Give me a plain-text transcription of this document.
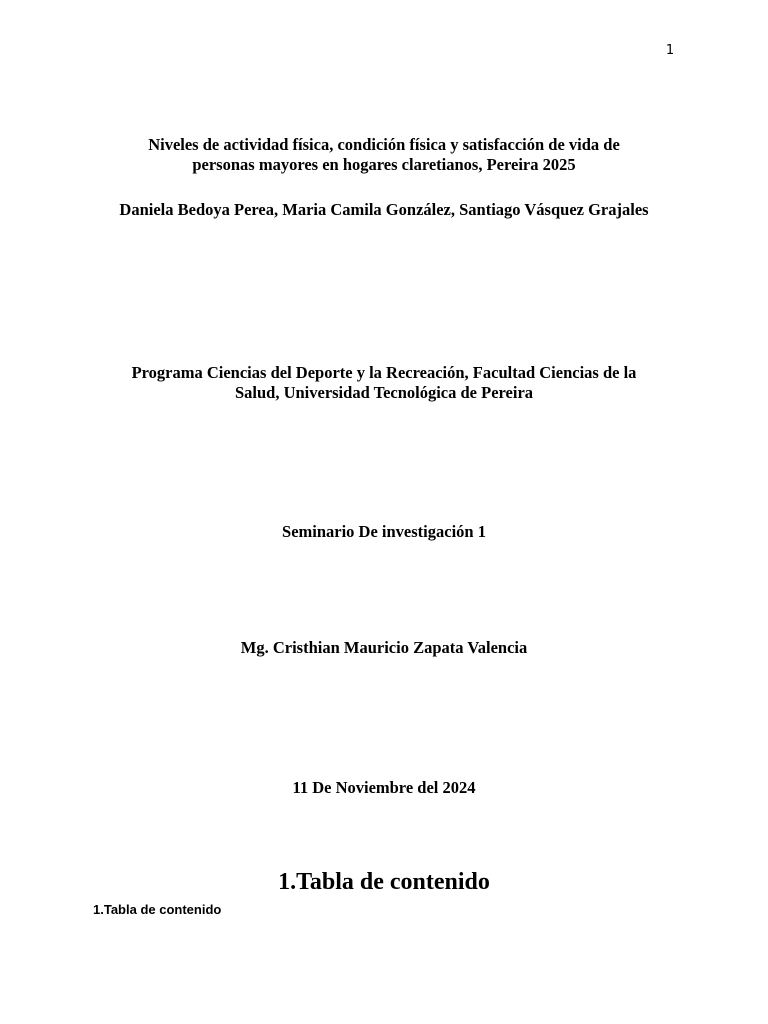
1
Niveles de actividad física, condición física y satisfacción de vida de
personas mayores en hogares claretianos, Pereira 2025
Daniela Bedoya Perea, Maria Camila González, Santiago Vásquez Grajales
Programa Ciencias del Deporte y la Recreación, Facultad Ciencias de la
Salud, Universidad Tecnológica de Pereira
Seminario De investigación 1
Mg. Cristhian Mauricio Zapata Valencia
11 De Noviembre del 2024
1.Tabla de contenido
1.Tabla de contenido
